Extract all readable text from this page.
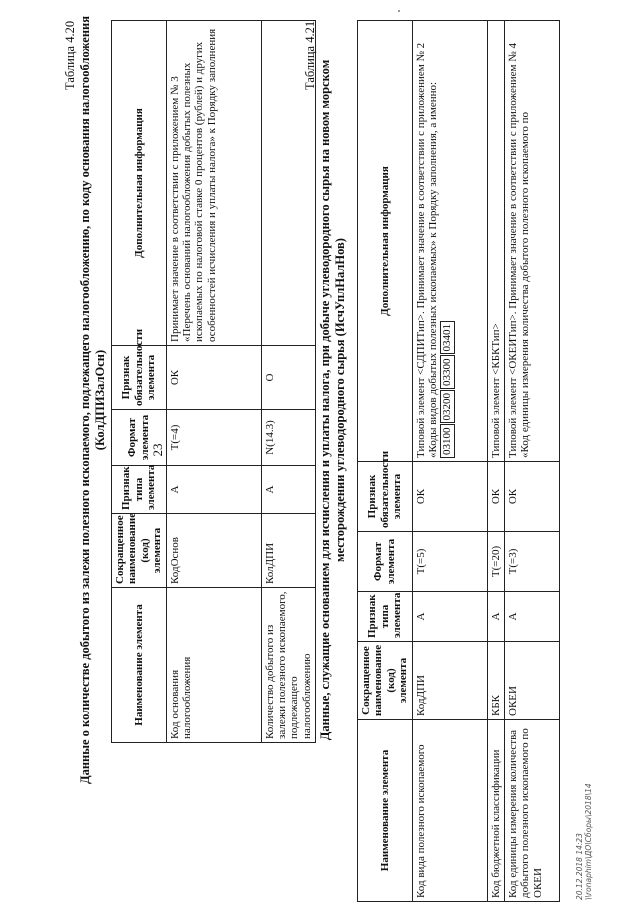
23
Таблица 4.20 Данные о количестве добытого из залежи полезного ископаемого, подлежащего налогообложению, по коду основания налогообложения (КолДПИЗалОсн)
Наименование элемента	Сокращенное наименование (код) элемента	Признак типа элемента	Формат элемента	Признак обязательности элемента	Дополнительная информация
Код основания налогообложения	КодОснов	А	T(=4)	ОК	Принимает значение в соответствии с приложением № 3 «Перечень оснований налогообложения добытых полезных ископаемых по налоговой ставке 0 процентов (рублей) и других особенностей исчисления и уплаты налога» к Порядку заполнения
Количество добытого из залежи полезного ископаемого, подлежащего налогообложению	КолДПИ	А	N(14.3)	О	
Таблица 4.21
Данные, служащие основанием для исчисления и уплаты налога, при добыче углеводородного сырья на новом морском месторождении углеводородного сырья (ИсчУплНалНов)
Наименование элемента	Сокращенное наименование (код) элемента	Признак типа элемента	Формат элемента	Признак обязательности элемента	Дополнительная информация
Код вида полезного ископаемого	КодДПИ	А	T(=5)	ОК	Типовой элемент <СДПИТип>. Принимает значение в соответствии с приложением № 2 «Коды видов добытых полезных ископаемых» к Порядку заполнения, а именно: 03100032000330003401

Код бюджетной классификации	КБК	А	T(=20)	ОК	Типовой элемент <КБКТип>
Код единицы измерения количества добытого полезного ископаемого по ОКЕИ	ОКЕИ	А	T(=3)	ОК	Типовой элемент <ОКЕИТип>. Принимает значение в соответствии с приложением № 4 «Код единицы измерения количества добытого полезного ископаемого по
20.12.2018 14:23 \\ronaphim\ДО\Сборы\2018\14
